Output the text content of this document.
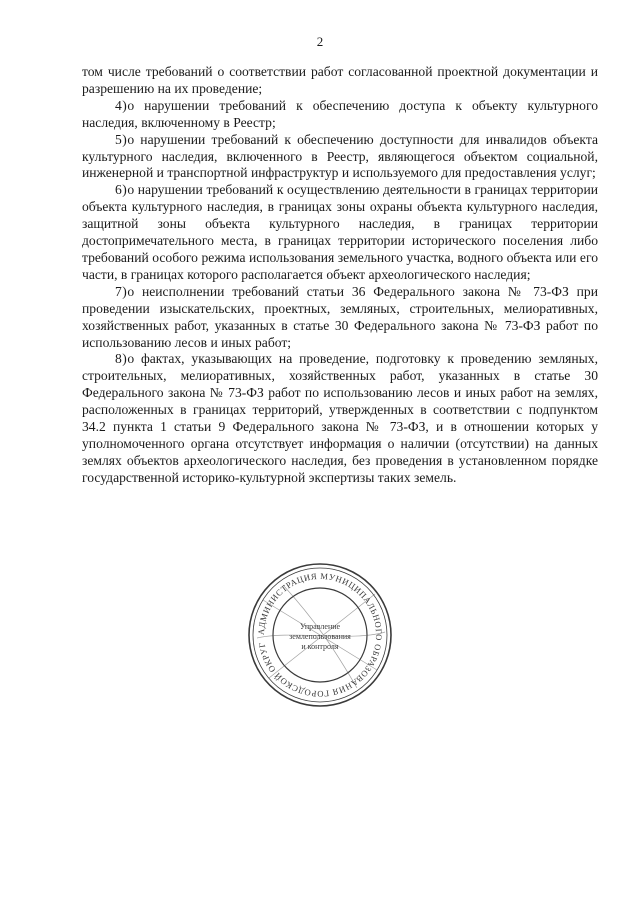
2

том числе требований о соответствии работ согласованной проектной документации и разрешению на их проведение;

4)о нарушении требований к обеспечению доступа к объекту культурного наследия, включенному в Реестр;

5)о нарушении требований к обеспечению доступности для инвалидов объекта культурного наследия, включенного в Реестр, являющегося объектом социальной, инженерной и транспортной инфраструктур и используемого для предоставления услуг;

6)о нарушении требований к осуществлению деятельности в границах территории объекта культурного наследия, в границах зоны охраны объекта культурного наследия, защитной зоны объекта культурного наследия, в границах территории достопримечательного места, в границах территории исторического поселения либо требований особого режима использования земельного участка, водного объекта или его части, в границах которого располагается объект археологического наследия;

7)о неисполнении требований статьи 36 Федерального закона № 73-ФЗ при проведении изыскательских, проектных, земляных, строительных, мелиоративных, хозяйственных работ, указанных в статье 30 Федерального закона № 73-ФЗ работ по использованию лесов и иных работ;

8)о фактах, указывающих на проведение, подготовку к проведению земляных, строительных, мелиоративных, хозяйственных работ, указанных в статье 30 Федерального закона № 73-ФЗ работ по использованию лесов и иных работ на землях, расположенных в границах территорий, утвержденных в соответствии с подпунктом 34.2 пункта 1 статьи 9 Федерального закона № 73-ФЗ, и в отношении которых у уполномоченного органа отсутствует информация о наличии (отсутствии) на данных землях объектов археологического наследия, без проведения в установленном порядке государственной историко-культурной экспертизы таких земель.

АДМИНИСТРАЦИЯ МУНИЦИПАЛЬНОГО ОБРАЗОВАНИЯ ГОРОДСКОЙ ОКРУГ
Управление
землепользования
и контроля
